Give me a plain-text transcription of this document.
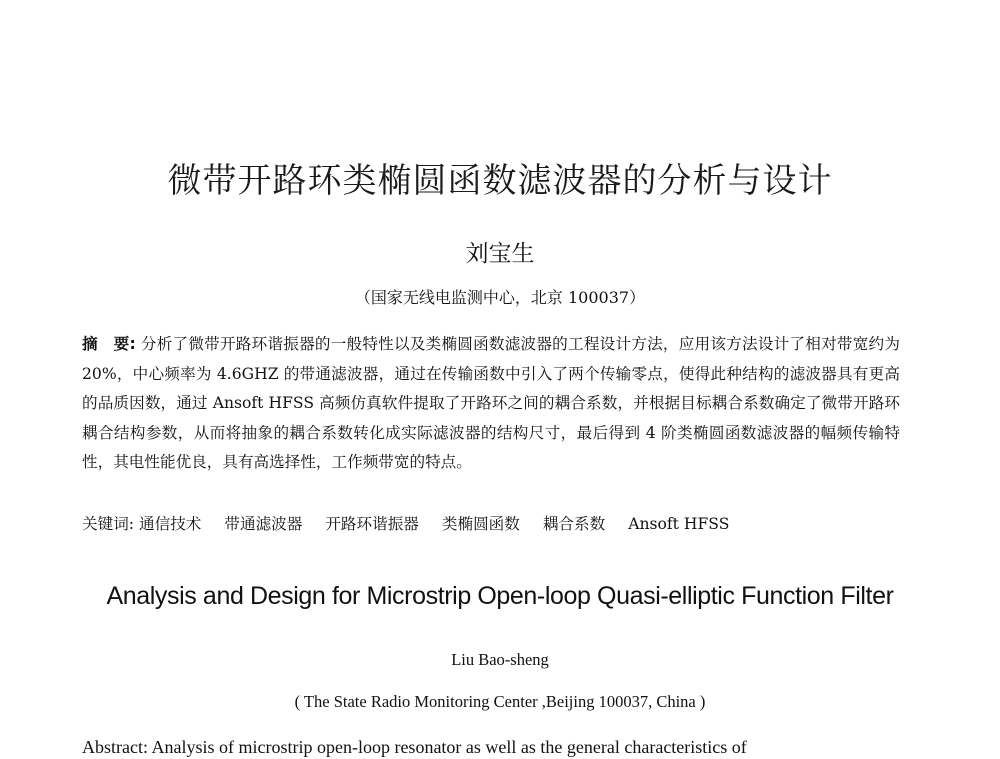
微带开路环类椭圆函数滤波器的分析与设计
刘宝生
（国家无线电监测中心，北京 100037）

摘　要: 分析了微带开路环谐振器的一般特性以及类椭圆函数滤波器的工程设计方法，应用该方法设计了相对带宽约为 20%，中心频率为 4.6GHZ 的带通滤波器，通过在传输函数中引入了两个传输零点，使得此种结构的滤波器具有更高的品质因数，通过 Ansoft HFSS 高频仿真软件提取了开路环之间的耦合系数，并根据目标耦合系数确定了微带开路环耦合结构参数，从而将抽象的耦合系数转化成实际滤波器的结构尺寸，最后得到 4 阶类椭圆函数滤波器的幅频传输特性，其电性能优良，具有高选择性，工作频带宽的特点。

关键词: 通信技术 带通滤波器 开路环谐振器 类椭圆函数 耦合系数 Ansoft HFSS
Analysis and Design for Microstrip Open-loop Quasi-elliptic Function Filter
Liu Bao-sheng
( The State Radio Monitoring Center ,Beijing 100037, China )
Abstract: Analysis of microstrip open-loop resonator as well as the general characteristics of
